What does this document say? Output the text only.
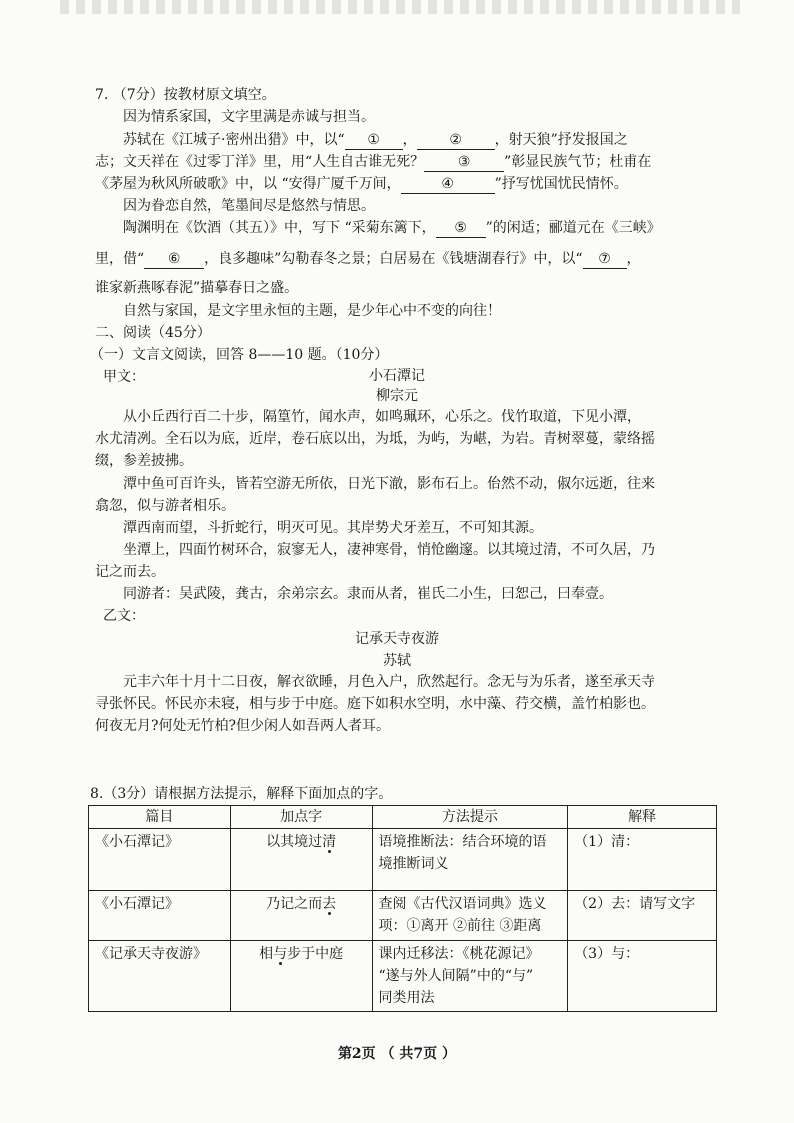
7. （7分）按教材原文填空。
因为情系家国，文字里满是赤诚与担当。
苏轼在《江城子·密州出猎》中，以“ ① ， ② ，射天狼”抒发报国之
志；文天祥在《过零丁洋》里，用“人生自古谁无死？ ③ ”彰显民族气节；杜甫在
《茅屋为秋风所破歌》中，以 “安得广厦千万间，	④	”抒写忧国忧民情怀。
因为眷恋自然，笔墨间尽是悠然与情思。
陶渊明在《饮酒（其五）》中，写下 “采菊东篱下， ⑤ ”的闲适；郦道元在《三峡》
里，借“ ⑥ ，良多趣味”勾勒春冬之景；白居易在《钱塘湖春行》中，以“ ⑦ ，
谁家新燕啄春泥”描摹春日之盛。
自然与家国，是文字里永恒的主题，是少年心中不变的向往！
二、阅读（45分）
（一）文言文阅读，回答 8——10 题。（10分）
甲文：	小石潭记
柳宗元
从小丘西行百二十步，隔篁竹，闻水声，如鸣珮环，心乐之。伐竹取道，下见小潭，
水尤清冽。全石以为底，近岸，卷石底以出，为坻，为屿，为嵁，为岩。青树翠蔓，蒙络摇
缀，参差披拂。
潭中鱼可百许头，皆若空游无所依，日光下澈，影布石上。佁然不动，俶尔远逝，往来
翕忽，似与游者相乐。
潭西南而望，斗折蛇行，明灭可见。其岸势犬牙差互，不可知其源。
坐潭上，四面竹树环合，寂寥无人，凄神寒骨，悄怆幽邃。以其境过清，不可久居，乃
记之而去。
同游者：吴武陵，龚古，余弟宗玄。隶而从者，崔氏二小生，曰恕己，曰奉壹。
乙文：
记承天寺夜游
苏轼
元丰六年十月十二日夜，解衣欲睡，月色入户，欣然起行。念无与为乐者，遂至承天寺
寻张怀民。怀民亦未寝，相与步于中庭。庭下如积水空明，水中藻、荇交横，盖竹柏影也。
何夜无月?何处无竹柏?但少闲人如吾两人者耳。
8.（3分）请根据方法提示，解释下面加点的字。
篇目	加点字	方法提示	解释
《小石潭记》	以其境过清	语境推断法：结合环境的语
境推断词义	（1）清：
《小石潭记》	乃记之而去	查阅《古代汉语词典》选义
项：①离开 ②前往 ③距离	（2）去：请写文字
《记承天寺夜游》	相与步于中庭	课内迁移法：《桃花源记》
“遂与外人间隔”中的“与”
同类用法	（3）与：
第2页 （ 共7页 ）
